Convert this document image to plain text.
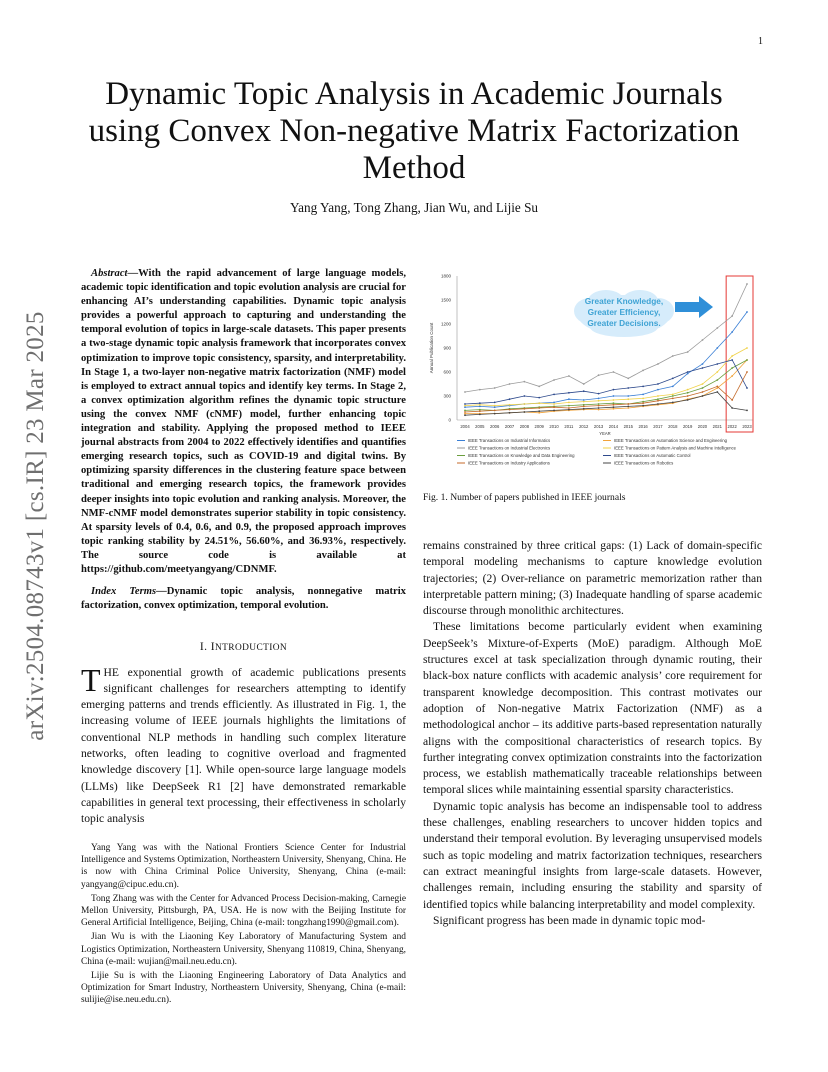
1
arXiv:2504.08743v1 [cs.IR] 23 Mar 2025
Dynamic Topic Analysis in Academic Journals using Convex Non-negative Matrix Factorization Method
Yang Yang, Tong Zhang, Jian Wu, and Lijie Su

Abstract—With the rapid advancement of large language models, academic topic identification and topic evolution analysis are crucial for enhancing AI’s understanding capabilities. Dynamic topic analysis provides a powerful approach to capturing and understanding the temporal evolution of topics in large-scale datasets. This paper presents a two-stage dynamic topic analysis framework that incorporates convex optimization to improve topic consistency, sparsity, and interpretability. In Stage 1, a two-layer non-negative matrix factorization (NMF) model is employed to extract annual topics and identify key terms. In Stage 2, a convex optimization algorithm refines the dynamic topic structure using the convex NMF (cNMF) model, further enhancing topic integration and stability. Applying the proposed method to IEEE journal abstracts from 2004 to 2022 effectively identifies and quantifies emerging research topics, such as COVID-19 and digital twins. By optimizing sparsity differences in the clustering feature space between traditional and emerging research topics, the framework provides deeper insights into topic evolution and ranking analysis. Moreover, the NMF-cNMF model demonstrates superior stability in topic consistency. At sparsity levels of 0.4, 0.6, and 0.9, the proposed approach improves topic ranking stability by 24.51%, 56.60%, and 36.93%, respectively. The source code is available at https://github.com/meetyangyang/CDNMF.

Index Terms—Dynamic topic analysis, nonnegative matrix factorization, convex optimization, temporal evolution.

I. INTRODUCTION

THE exponential growth of academic publications presents significant challenges for researchers attempting to identify emerging patterns and trends efficiently. As illustrated in Fig. 1, the increasing volume of IEEE journals highlights the limitations of conventional NLP methods in handling such complex literature networks, often leading to cognitive overload and fragmented knowledge discovery [1]. While open-source large language models (LLMs) like DeepSeek R1 [2] have demonstrated remarkable capabilities in general text processing, their effectiveness in scholarly topic analysis

Yang Yang was with the National Frontiers Science Center for Industrial Intelligence and Systems Optimization, Northeastern University, Shenyang, China. He is now with China Criminal Police University, Shenyang, China (e-mail: yangyang@cipuc.edu.cn).

Tong Zhang was with the Center for Advanced Process Decision-making, Carnegie Mellon University, Pittsburgh, PA, USA. He is now with the Beijing Institute for General Artificial Intelligence, Beijing, China (e-mail: tongzhang1990@gmail.com).

Jian Wu is with the Liaoning Key Laboratory of Manufacturing System and Logistics Optimization, Northeastern University, Shenyang 110819, China, Shenyang, China (e-mail: wujian@mail.neu.edu.cn).

Lijie Su is with the Liaoning Engineering Laboratory of Data Analytics and Optimization for Smart Industry, Northeastern University, Shenyang, China (e-mail: sulijie@ise.neu.edu.cn).

0
300
600
900
1200
1500
1800
Annual Publication Count
2004 2005 2006 2007 2008 2009 2010 2011 2012 2013 2014 2015 2016 2017 2018 2019 2020 2021 2022 2023
YEAR
Greater Knowledge,
Greater Efficiency,
Greater Decisions.
IEEE Transactions on Industrial Informatics	IEEE Transactions on Automation Science and Engineering
IEEE Transactions on Industrial Electronics	IEEE Transactions on Pattern Analysis and Machine Intelligence
IEEE Transactions on Knowledge and Data Engineering	IEEE Transactions on Automatic Control
IEEE Transactions on Industry Applications	IEEE Transactions on Robotics
Fig. 1. Number of papers published in IEEE journals

remains constrained by three critical gaps: (1) Lack of domain-specific temporal modeling mechanisms to capture knowledge evolution trajectories; (2) Over-reliance on parametric memorization rather than interpretable pattern mining; (3) Inadequate handling of sparse academic discourse through monolithic architectures.

These limitations become particularly evident when examining DeepSeek’s Mixture-of-Experts (MoE) paradigm. Although MoE structures excel at task specialization through dynamic routing, their black-box nature conflicts with academic analysis’ core requirement for transparent knowledge decomposition. This contrast motivates our adoption of Non-negative Matrix Factorization (NMF) as a methodological anchor – its additive parts-based representation naturally aligns with the compositional characteristics of research topics. By further integrating convex optimization constraints into the factorization process, we establish mathematically traceable relationships between temporal slices while maintaining essential sparsity characteristics.

Dynamic topic analysis has become an indispensable tool to address these challenges, enabling researchers to uncover hidden topics and understand their temporal evolution. By leveraging unsupervised models such as topic modeling and matrix factorization techniques, researchers can extract meaningful insights from large-scale datasets. However, challenges remain, including ensuring the stability and sparsity of identified topics while balancing interpretability and model complexity.

Significant progress has been made in dynamic topic mod-
